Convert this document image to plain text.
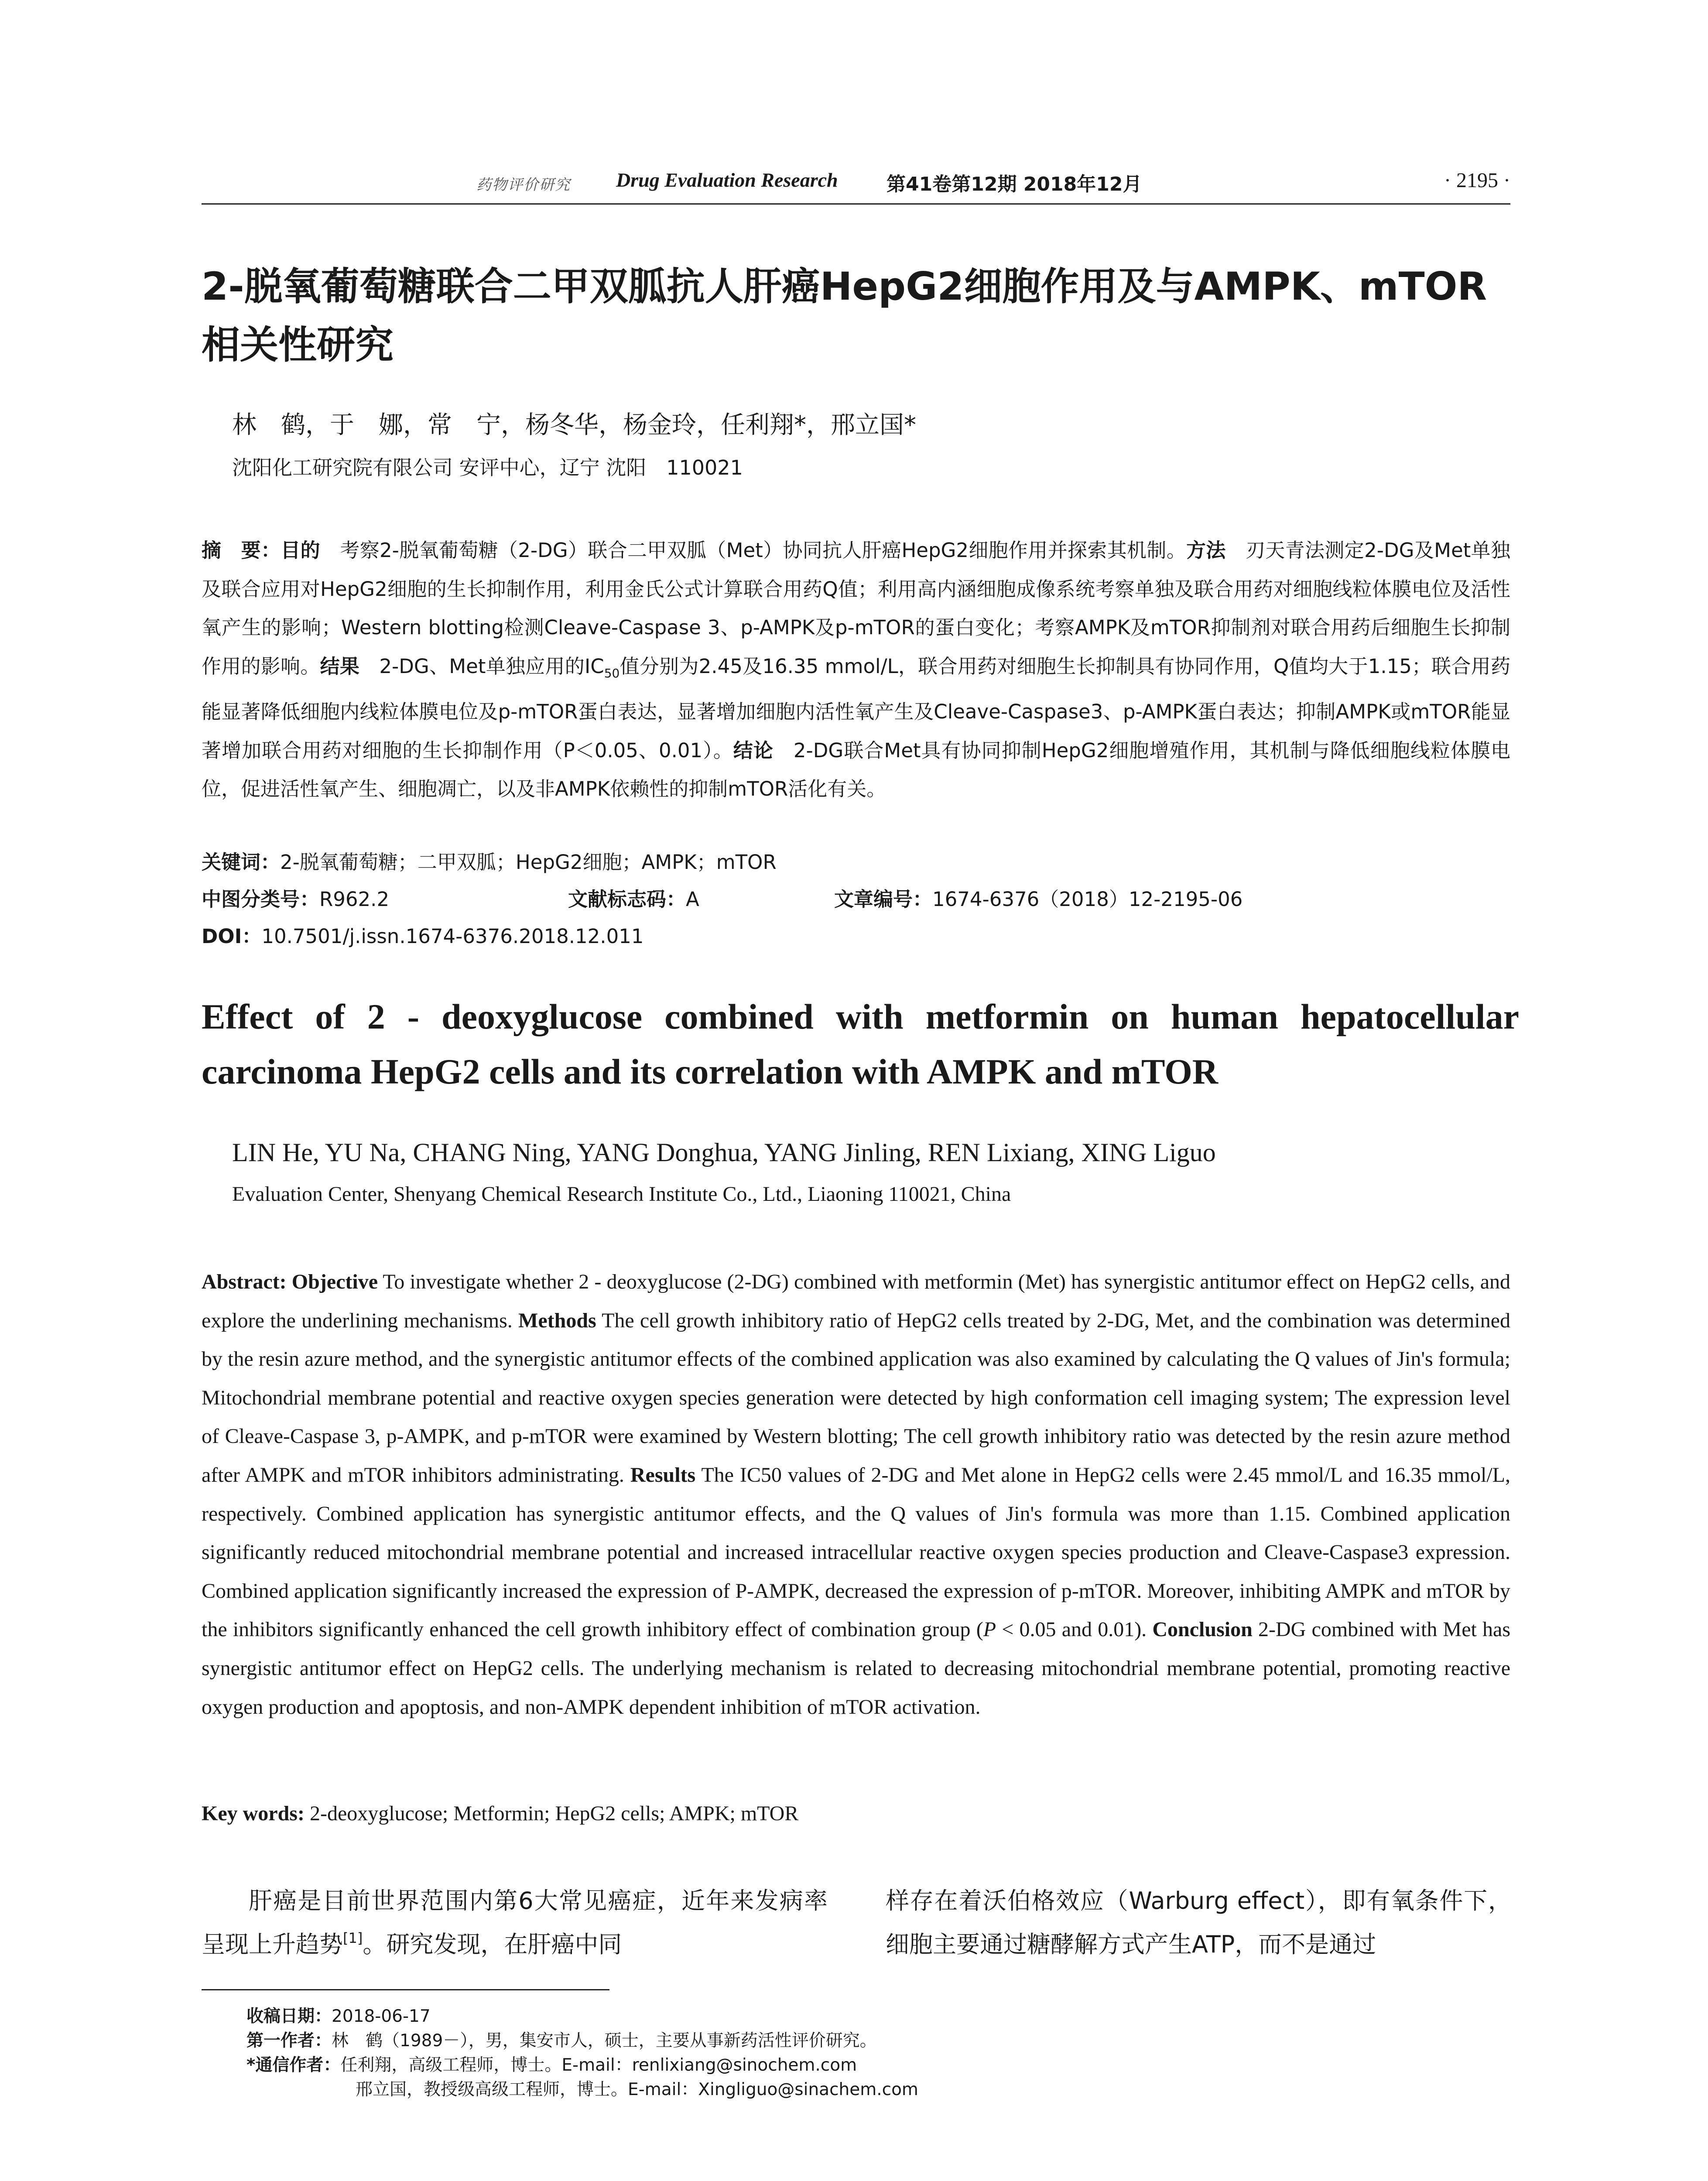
药物评价研究 Drug Evaluation Research	第41卷第12期 2018年12月	· 2195 ·
2-脱氧葡萄糖联合二甲双胍抗人肝癌HepG2细胞作用及与AMPK、mTOR相关性研究
林　鹤，于　娜，常　宁，杨冬华，杨金玲，任利翔*，邢立国*
沈阳化工研究院有限公司 安评中心，辽宁 沈阳　110021
摘　要：目的　 考察2-脱氧葡萄糖（2-DG）联合二甲双胍（Met）协同抗人肝癌HepG2细胞作用并探索其机制。方法　 刃天青法测定2-DG及Met单独及联合应用对HepG2细胞的生长抑制作用，利用金氏公式计算联合用药Q值；利用高内涵细胞成像系统考察单独及联合用药对细胞线粒体膜电位及活性氧产生的影响；Western blotting检测Cleave-Caspase 3、p-AMPK及p-mTOR的蛋白变化；考察AMPK及mTOR抑制剂对联合用药后细胞生长抑制作用的影响。结果　 2-DG、Met单独应用的$IC_{50}$值分别为2.45及16.35 mmol/L，联合用药对细胞生长抑制具有协同作用，Q值均大于1.15；联合用药能显著降低细胞内线粒体膜电位及p-mTOR蛋白表达，显著增加细胞内活性氧产生及Cleave-Caspase3、p-AMPK蛋白表达；抑制AMPK或mTOR能显著增加联合用药对细胞的生长抑制作用（P＜0.05、0.01）。结论　 2-DG联合Met具有协同抑制HepG2细胞增殖作用，其机制与降低细胞线粒体膜电位，促进活性氧产生、细胞凋亡，以及非AMPK依赖性的抑制mTOR活化有关。
关键词：2-脱氧葡萄糖；二甲双胍；HepG2细胞；AMPK；mTOR
中图分类号：R962.2	文献标志码：A	文章编号：1674-6376（2018）12-2195-06
DOI：10.7501/j.issn.1674-6376.2018.12.011
Effect of 2 - deoxyglucose combined with metformin on human hepatocellular carcinoma HepG2 cells and its correlation with AMPK and mTOR
LIN He, YU Na, CHANG Ning, YANG Donghua, YANG Jinling, REN Lixiang, XING Liguo
Evaluation Center, Shenyang Chemical Research Institute Co., Ltd., Liaoning 110021, China
Abstract: Objective To investigate whether 2 - deoxyglucose (2-DG) combined with metformin (Met) has synergistic antitumor effect on HepG2 cells, and explore the underlining mechanisms. Methods The cell growth inhibitory ratio of HepG2 cells treated by 2-DG, Met, and the combination was determined by the resin azure method, and the synergistic antitumor effects of the combined application was also examined by calculating the Q values of Jin's formula; Mitochondrial membrane potential and reactive oxygen species generation were detected by high conformation cell imaging system; The expression level of Cleave-Caspase 3, p-AMPK, and p-mTOR were examined by Western blotting; The cell growth inhibitory ratio was detected by the resin azure method after AMPK and mTOR inhibitors administrating. Results The IC50 values of 2-DG and Met alone in HepG2 cells were 2.45 mmol/L and 16.35 mmol/L, respectively. Combined application has synergistic antitumor effects, and the Q values of Jin's formula was more than 1.15. Combined application significantly reduced mitochondrial membrane potential and increased intracellular reactive oxygen species production and Cleave-Caspase3 expression. Combined application significantly increased the expression of P-AMPK, decreased the expression of p-mTOR. Moreover, inhibiting AMPK and mTOR by the inhibitors significantly enhanced the cell growth inhibitory effect of combination group (P < 0.05 and 0.01). Conclusion 2-DG combined with Met has synergistic antitumor effect on HepG2 cells. The underlying mechanism is related to decreasing mitochondrial membrane potential, promoting reactive oxygen production and apoptosis, and non-AMPK dependent inhibition of mTOR activation.
Key words: 2-deoxyglucose; Metformin; HepG2 cells; AMPK; mTOR
肝癌是目前世界范围内第6大常见癌症，近年来发病率呈现上升趋势[1]。研究发现，在肝癌中同
样存在着沃伯格效应（Warburg effect），即有氧条件下，细胞主要通过糖酵解方式产生ATP，而不是通过
收稿日期：2018-06-17
第一作者：林　鹤（1989－），男，集安市人，硕士，主要从事新药活性评价研究。
*通信作者：任利翔，高级工程师，博士。E-mail：renlixiang@sinochem.com
邢立国，教授级高级工程师，博士。E-mail：Xingliguo@sinachem.com
